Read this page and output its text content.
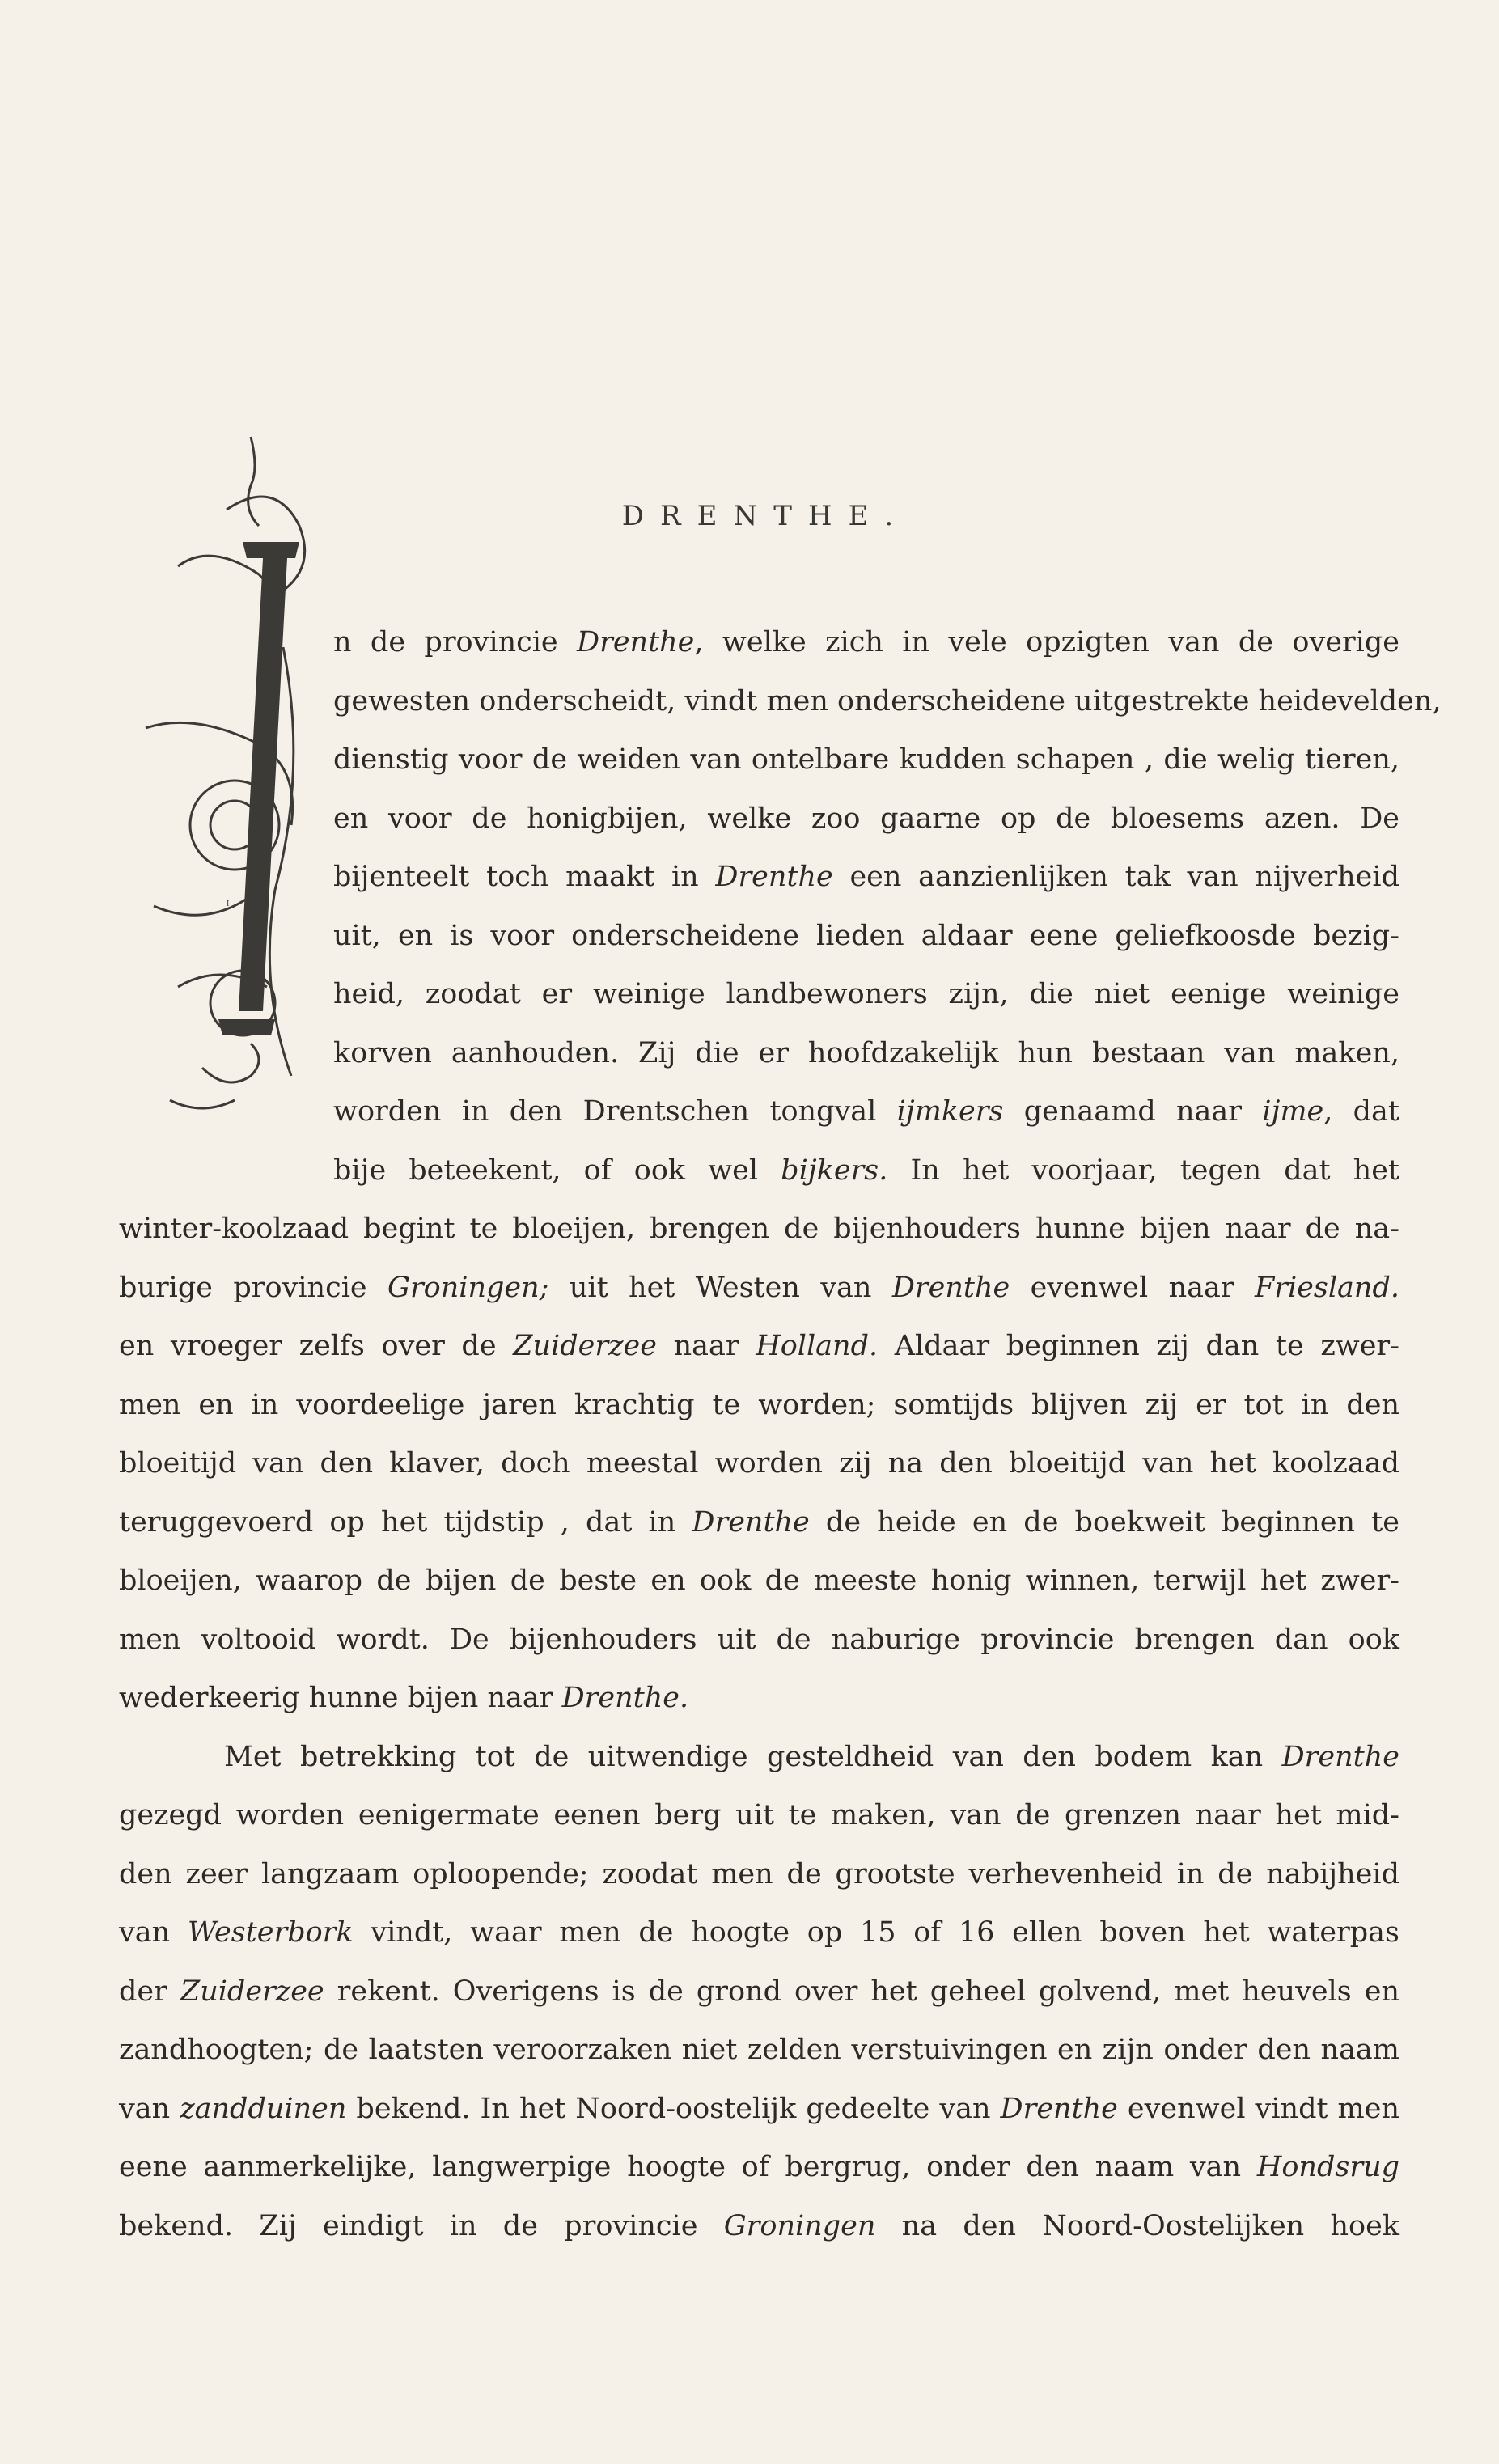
DRENTHE.
I
n de provincie Drenthe, welke zich in vele opzigten van de overige
gewesten onderscheidt, vindt men onderscheidene uitgestrekte heidevelden,
dienstig voor de weiden van ontelbare kudden schapen , die welig tieren,
en voor de honigbijen, welke zoo gaarne op de bloesems azen. De
bijenteelt toch maakt in Drenthe een aanzienlijken tak van nijverheid
uit, en is voor onderscheidene lieden aldaar eene geliefkoosde bezig-
heid, zoodat er weinige landbewoners zijn, die niet eenige weinige
korven aanhouden. Zij die er hoofdzakelijk hun bestaan van maken,
worden in den Drentschen tongval ijmkers genaamd naar ijme, dat
bije beteekent, of ook wel bijkers. In het voorjaar, tegen dat het
winter-koolzaad begint te bloeijen, brengen de bijenhouders hunne bijen naar de na-
burige provincie Groningen; uit het Westen van Drenthe evenwel naar Friesland.
en vroeger zelfs over de Zuiderzee naar Holland. Aldaar beginnen zij dan te zwer-
men en in voordeelige jaren krachtig te worden; somtijds blijven zij er tot in den
bloeitijd van den klaver, doch meestal worden zij na den bloeitijd van het koolzaad
teruggevoerd op het tijdstip , dat in Drenthe de heide en de boekweit beginnen te
bloeijen, waarop de bijen de beste en ook de meeste honig winnen, terwijl het zwer-
men voltooid wordt. De bijenhouders uit de naburige provincie brengen dan ook
wederkeerig hunne bijen naar Drenthe.
Met betrekking tot de uitwendige gesteldheid van den bodem kan Drenthe
gezegd worden eenigermate eenen berg uit te maken, van de grenzen naar het mid-
den zeer langzaam oploopende; zoodat men de grootste verhevenheid in de nabijheid
van Westerbork vindt, waar men de hoogte op 15 of 16 ellen boven het waterpas
der Zuiderzee rekent. Overigens is de grond over het geheel golvend, met heuvels en
zandhoogten; de laatsten veroorzaken niet zelden verstuivingen en zijn onder den naam
van zandduinen bekend. In het Noord-oostelijk gedeelte van Drenthe evenwel vindt men
eene aanmerkelijke, langwerpige hoogte of bergrug, onder den naam van Hondsrug
bekend. Zij eindigt in de provincie Groningen na den Noord-Oostelijken hoek
